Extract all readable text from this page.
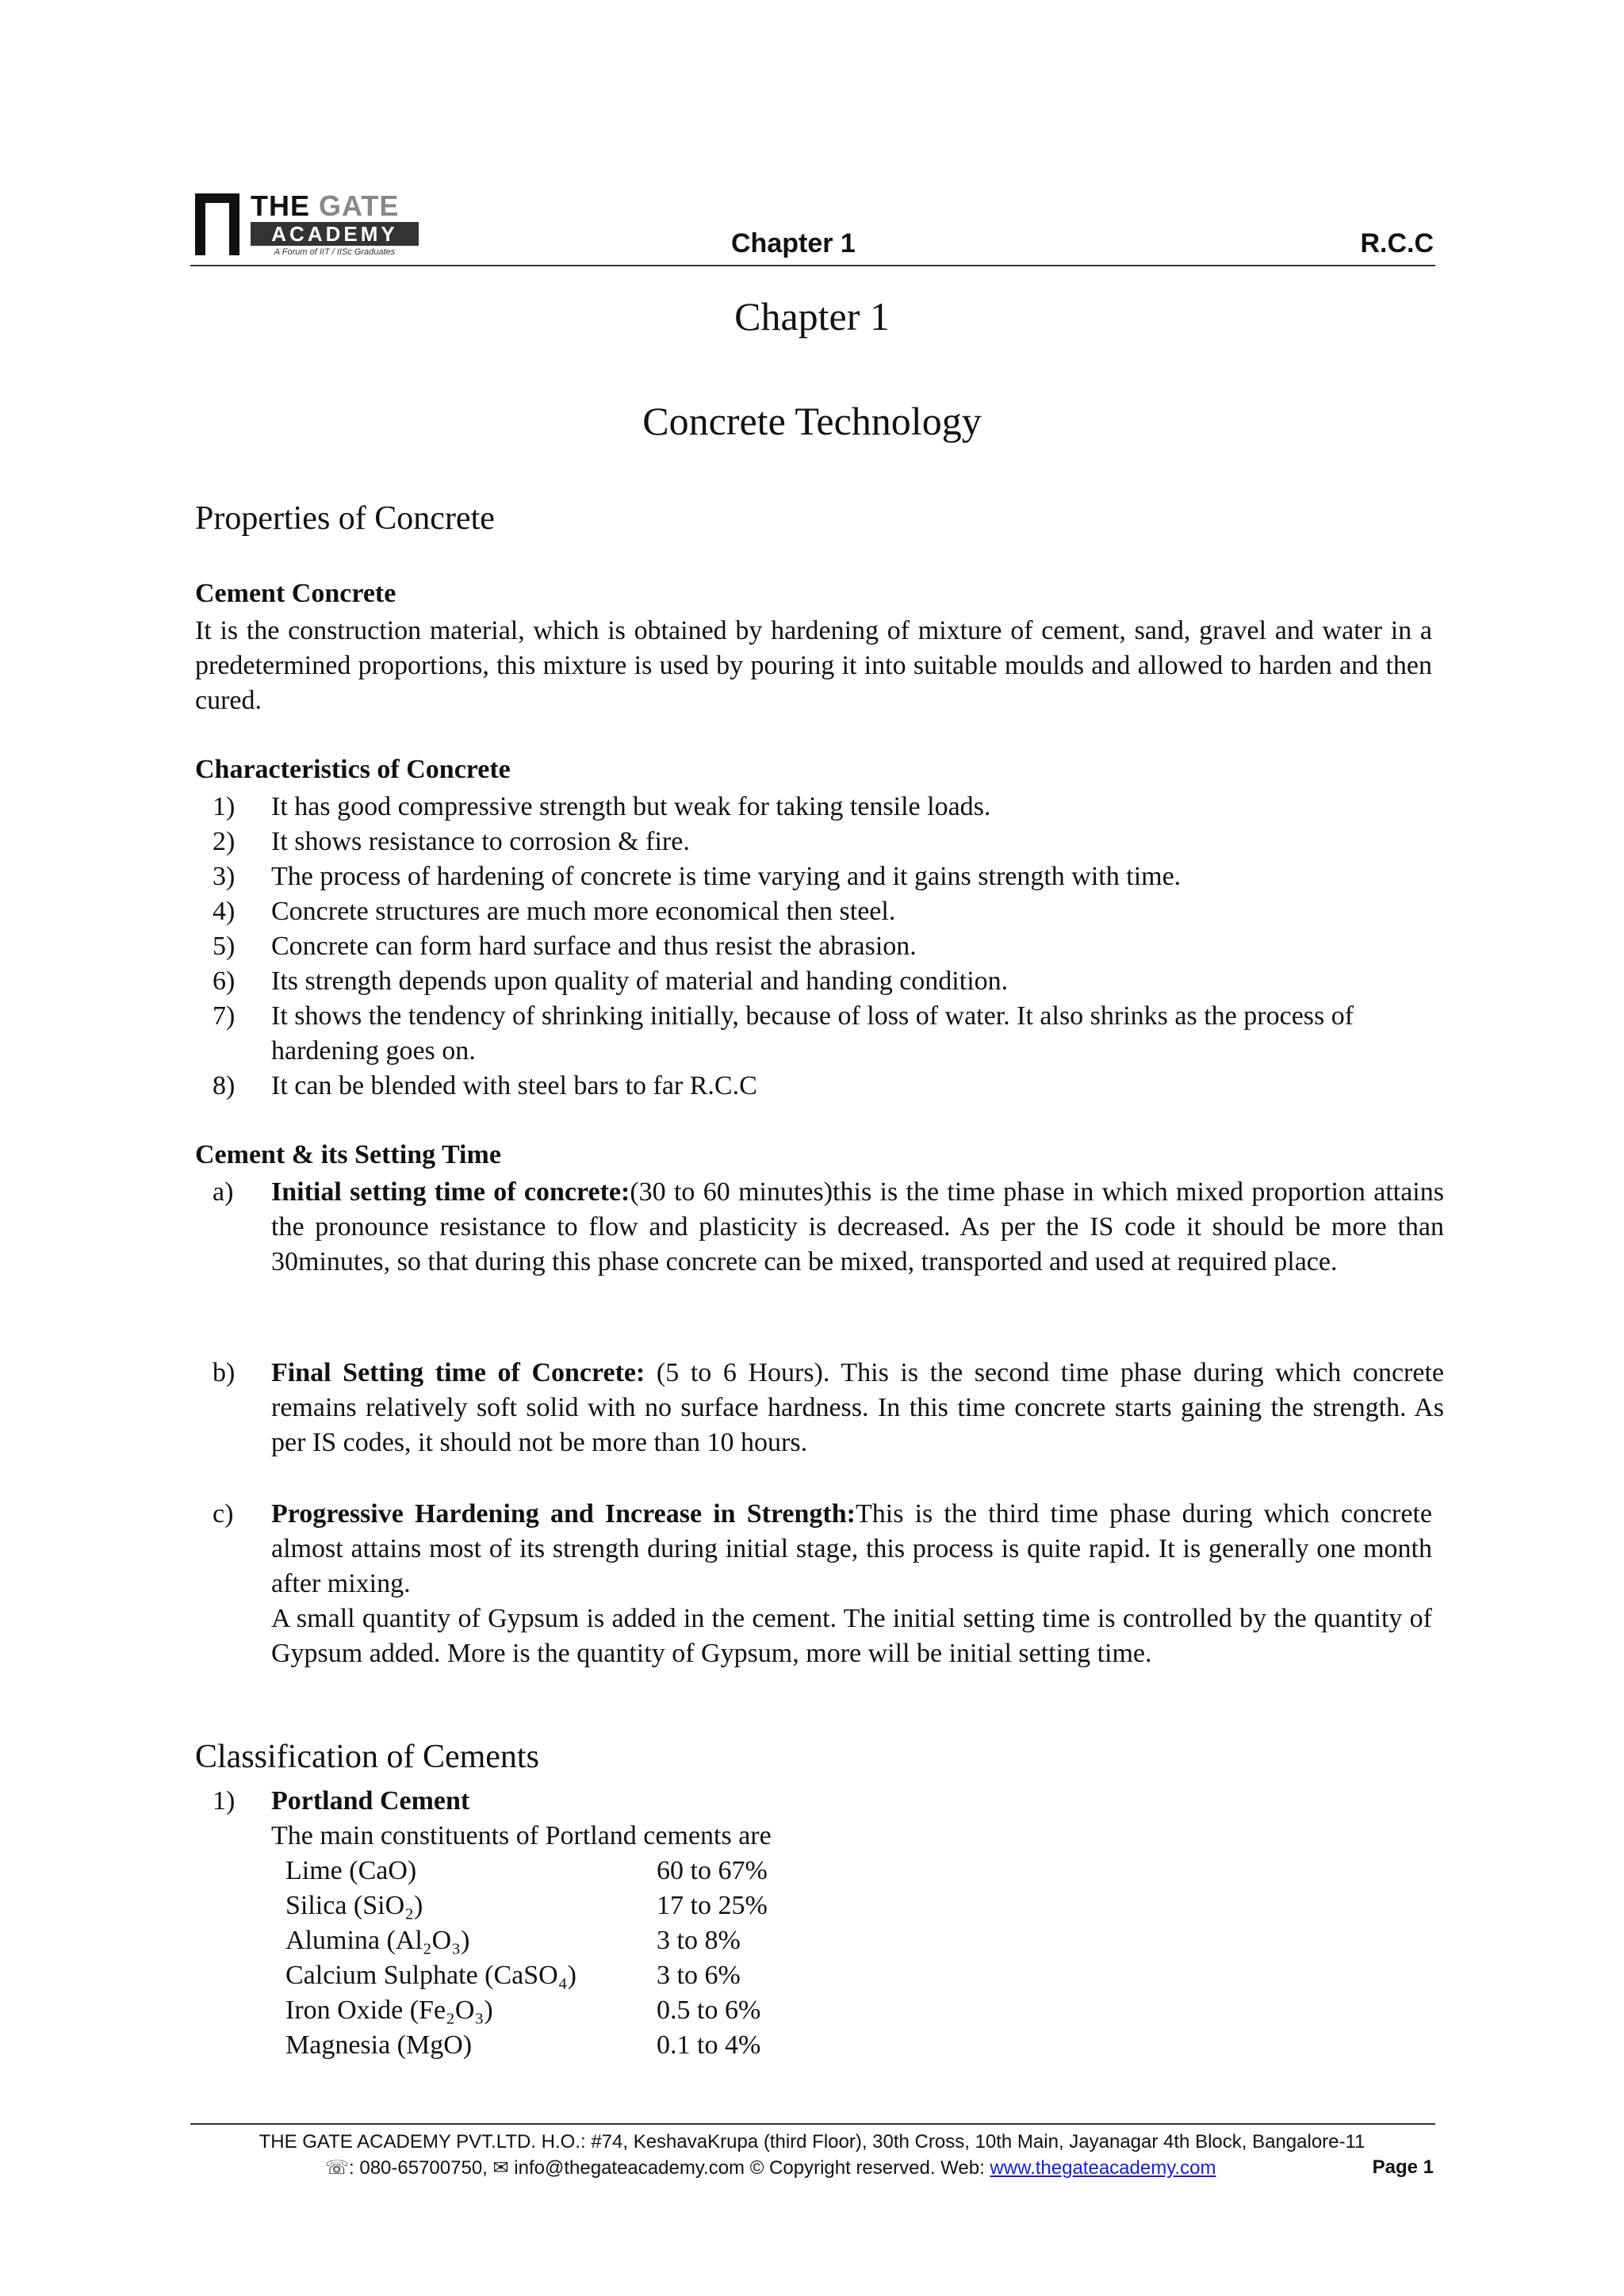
THE GATE
ACADEMY
A Forum of IIT / IISc Graduates	Chapter 1	R.C.C
Chapter 1
Concrete Technology
Properties of Concrete
Cement Concrete
It is the construction material, which is obtained by hardening of mixture of cement, sand, gravel and water in a predetermined proportions, this mixture is used by pouring it into suitable moulds and allowed to harden and then cured.
Characteristics of Concrete
1) It has good compressive strength but weak for taking tensile loads.
2) It shows resistance to corrosion & fire.
3) The process of hardening of concrete is time varying and it gains strength with time.
4) Concrete structures are much more economical then steel.
5) Concrete can form hard surface and thus resist the abrasion.
6) Its strength depends upon quality of material and handing condition.
7) It shows the tendency of shrinking initially, because of loss of water. It also shrinks as the process of hardening goes on.
8) It can be blended with steel bars to far R.C.C
Cement & its Setting Time
a) Initial setting time of concrete:(30 to 60 minutes)this is the time phase in which mixed proportion attains the pronounce resistance to flow and plasticity is decreased. As per the IS code it should be more than 30minutes, so that during this phase concrete can be mixed, transported and used at required place.
b) Final Setting time of Concrete: (5 to 6 Hours). This is the second time phase during which concrete remains relatively soft solid with no surface hardness. In this time concrete starts gaining the strength. As per IS codes, it should not be more than 10 hours.
c) Progressive Hardening and Increase in Strength:This is the third time phase during which concrete almost attains most of its strength during initial stage, this process is quite rapid. It is generally one month after mixing.
A small quantity of Gypsum is added in the cement. The initial setting time is controlled by the quantity of Gypsum added. More is the quantity of Gypsum, more will be initial setting time.
Classification of Cements
1) Portland Cement
The main constituents of Portland cements are
Lime (CaO)	60 to 67%
Silica (SiO₂)	17 to 25%
Alumina (Al₂O₃)	3 to 8%
Calcium Sulphate (CaSO₄)	3 to 6%
Iron Oxide (Fe₂O₃)	0.5 to 6%
Magnesia (MgO)	0.1 to 4%
THE GATE ACADEMY PVT.LTD. H.O.: #74, KeshavaKrupa (third Floor), 30th Cross, 10th Main, Jayanagar 4th Block, Bangalore-11
☏: 080-65700750, ✉ info@thegateacademy.com © Copyright reserved. Web: www.thegateacademy.com	Page 1
